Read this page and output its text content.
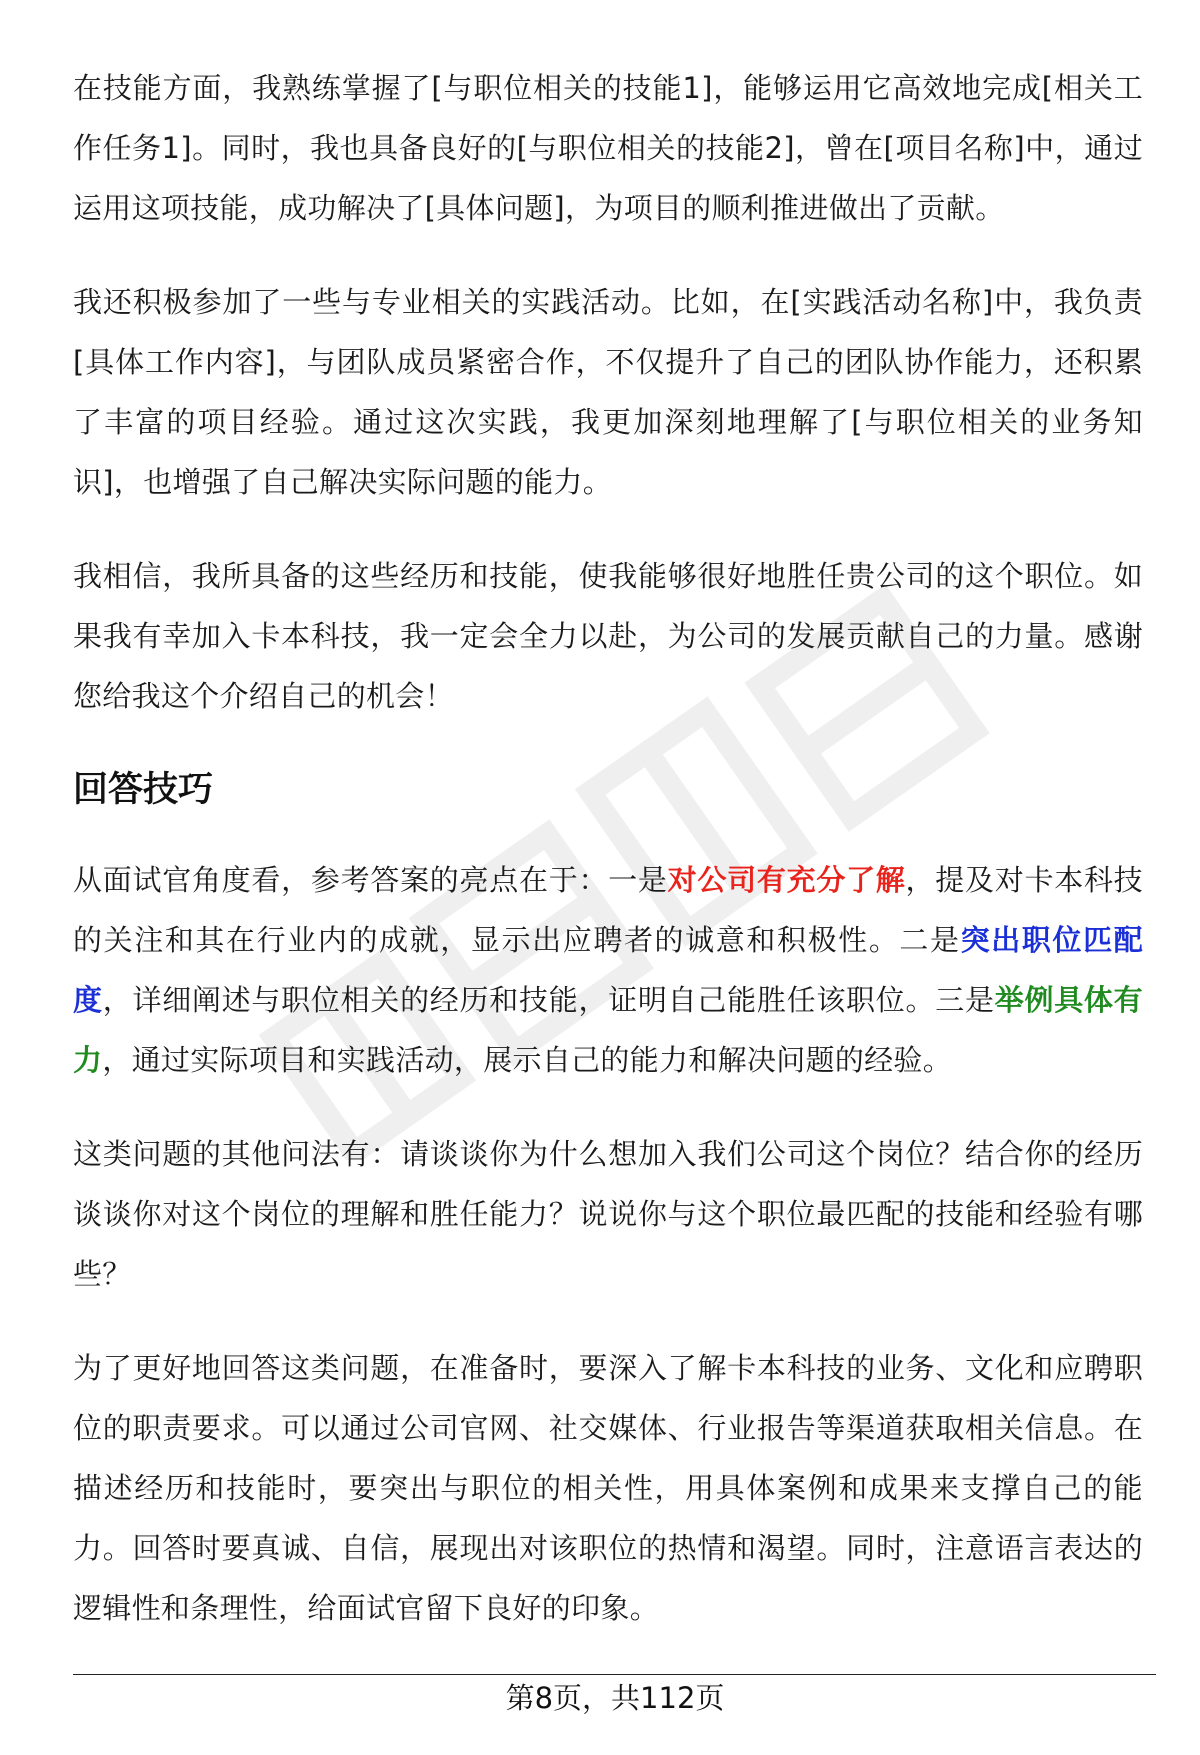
在技能方面，我熟练掌握了[与职位相关的技能1]，能够运用它高效地完成[相关工作任务1]。同时，我也具备良好的[与职位相关的技能2]，曾在[项目名称]中，通过运用这项技能，成功解决了[具体问题]，为项目的顺利推进做出了贡献。

我还积极参加了一些与专业相关的实践活动。比如，在[实践活动名称]中，我负责[具体工作内容]，与团队成员紧密合作，不仅提升了自己的团队协作能力，还积累了丰富的项目经验。通过这次实践，我更加深刻地理解了[与职位相关的业务知识]，也增强了自己解决实际问题的能力。

我相信，我所具备的这些经历和技能，使我能够很好地胜任贵公司的这个职位。如果我有幸加入卡本科技，我一定会全力以赴，为公司的发展贡献自己的力量。感谢您给我这个介绍自己的机会！

回答技巧

从面试官角度看，参考答案的亮点在于：一是对公司有充分了解，提及对卡本科技的关注和其在行业内的成就，显示出应聘者的诚意和积极性。二是突出职位匹配度，详细阐述与职位相关的经历和技能，证明自己能胜任该职位。三是举例具体有力，通过实际项目和实践活动，展示自己的能力和解决问题的经验。

这类问题的其他问法有：请谈谈你为什么想加入我们公司这个岗位？结合你的经历谈谈你对这个岗位的理解和胜任能力？说说你与这个职位最匹配的技能和经验有哪些？

为了更好地回答这类问题，在准备时，要深入了解卡本科技的业务、文化和应聘职位的职责要求。可以通过公司官网、社交媒体、行业报告等渠道获取相关信息。在描述经历和技能时，要突出与职位的相关性，用具体案例和成果来支撑自己的能力。回答时要真诚、自信，展现出对该职位的热情和渴望。同时，注意语言表达的逻辑性和条理性，给面试官留下良好的印象。

第8页，共112页
